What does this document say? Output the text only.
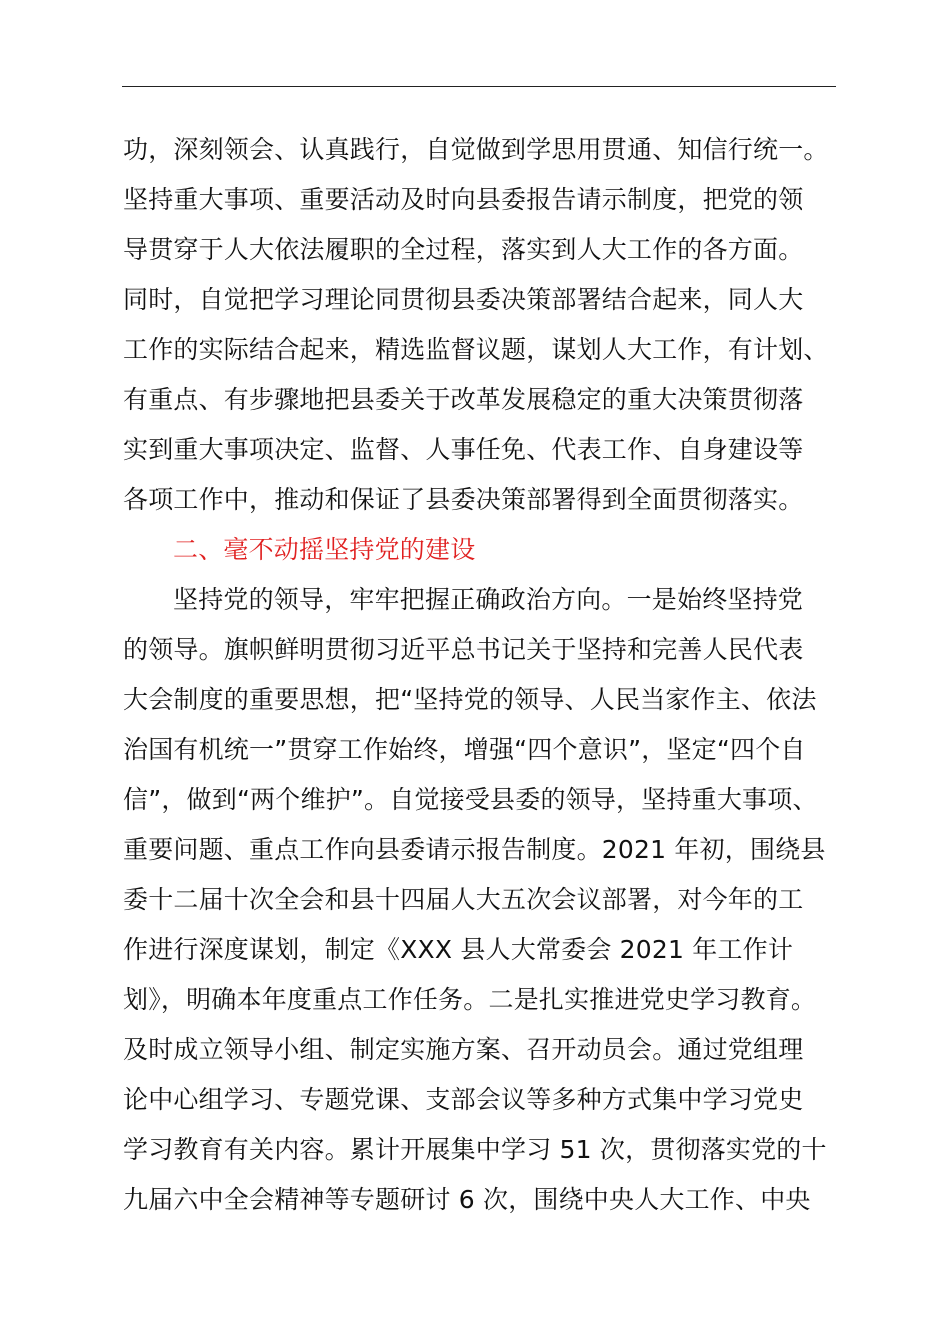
功，深刻领会、认真践行，自觉做到学思用贯通、知信行统一。
坚持重大事项、重要活动及时向县委报告请示制度，把党的领
导贯穿于人大依法履职的全过程，落实到人大工作的各方面。
同时，自觉把学习理论同贯彻县委决策部署结合起来，同人大
工作的实际结合起来，精选监督议题，谋划人大工作，有计划、
有重点、有步骤地把县委关于改革发展稳定的重大决策贯彻落
实到重大事项决定、监督、人事任免、代表工作、自身建设等
各项工作中，推动和保证了县委决策部署得到全面贯彻落实。
二、毫不动摇坚持党的建设
坚持党的领导，牢牢把握正确政治方向。一是始终坚持党
的领导。旗帜鲜明贯彻习近平总书记关于坚持和完善人民代表
大会制度的重要思想，把“坚持党的领导、人民当家作主、依法
治国有机统一”贯穿工作始终，增强“四个意识”，坚定“四个自
信”，做到“两个维护”。自觉接受县委的领导，坚持重大事项、
重要问题、重点工作向县委请示报告制度。2021 年初，围绕县
委十二届十次全会和县十四届人大五次会议部署，对今年的工
作进行深度谋划，制定《XXX 县人大常委会 2021 年工作计
划》，明确本年度重点工作任务。二是扎实推进党史学习教育。
及时成立领导小组、制定实施方案、召开动员会。通过党组理
论中心组学习、专题党课、支部会议等多种方式集中学习党史
学习教育有关内容。累计开展集中学习 51 次，贯彻落实党的十
九届六中全会精神等专题研讨 6 次，围绕中央人大工作、中央
